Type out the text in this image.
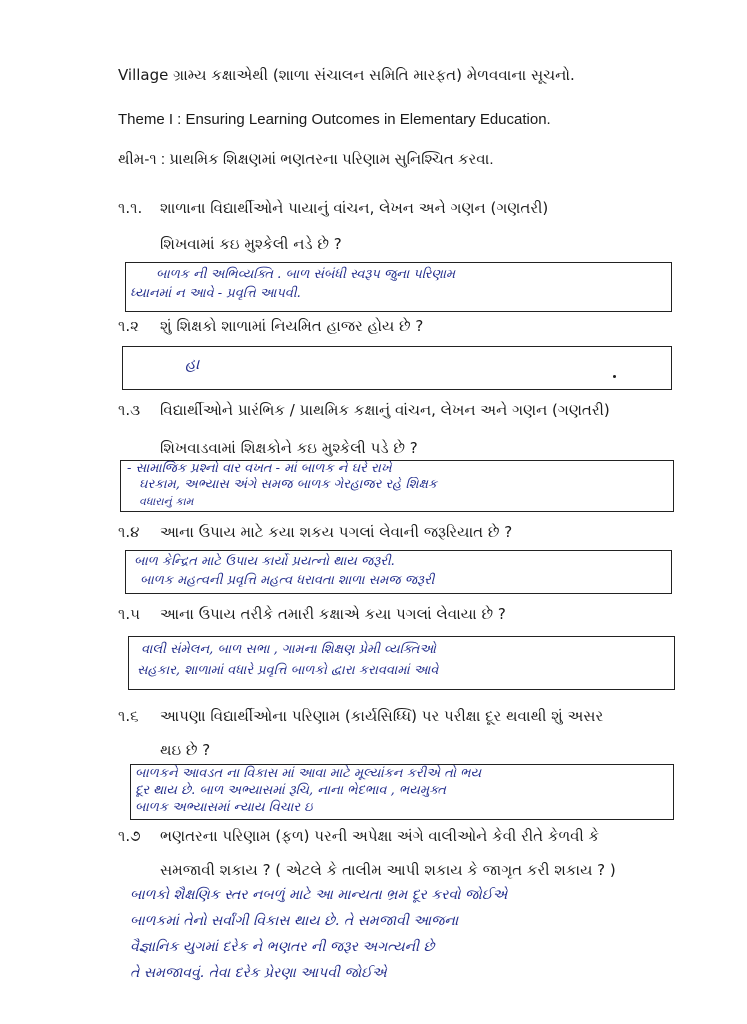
Village ગ્રામ્ય કક્ષાએથી (શાળા સંચાલન સમિતિ મારફત) મેળવવાના સૂચનો.
Theme I : Ensuring Learning Outcomes in Elementary Education.
થીમ-૧ : પ્રાથમિક શિક્ષણમાં ભણતરના પરિણામ સુનિશ્ચિત કરવા.
૧.૧. શાળાના વિદ્યાર્થીઓને પાયાનું વાંચન, લેખન અને ગણન (ગણતરી)
શિખવામાં કઇ મુશ્કેલી નડે છે ?
બાળક ની અભિવ્યક્તિ . બાળ સંબંધી સ્વરૂપ જુના પરિણામ
ધ્યાનમાં ન આવે - પ્રવૃત્તિ આપવી.
૧.૨ શું શિક્ષકો શાળામાં નિયમિત હાજર હોય છે ?
હા
૧.૩ વિદ્યાર્થીઓને પ્રારંભિક / પ્રાથમિક કક્ષાનું વાંચન, લેખન અને ગણન (ગણતરી)
શિખવાડવામાં શિક્ષકોને કઇ મુશ્કેલી પડે છે ?
- સામાજિક પ્રશ્નો વાર વખત - માં બાળક ને ઘરે રાખે
ઘરકામ, અભ્યાસ અંગે સમજ બાળક ગેરહાજર રહે શિક્ષક
વધારાનું કામ
૧.૪ આના ઉપાય માટે કયા શકય પગલાં લેવાની જરૂરિયાત છે ?
બાળ કેન્દ્રિત માટે ઉપાય કાર્યો પ્રયત્નો થાય જરૂરી.
બાળક મહત્વની પ્રવૃત્તિ મહત્વ ધરાવતા શાળા સમજ જરૂરી
૧.૫ આના ઉપાય તરીકે તમારી કક્ષાએ કયા પગલાં લેવાયા છે ?
વાલી સંમેલન, બાળ સભા , ગામના શિક્ષણ પ્રેમી વ્યક્તિઓ
સહકાર, શાળામાં વધારે પ્રવૃત્તિ બાળકો દ્વારા કરાવવામાં આવે
૧.૬ આપણા વિદ્યાર્થીઓના પરિણામ (કાર્યસિધ્ધિ) પર પરીક્ષા દૂર થવાથી શું અસર
થઇ છે ?
બાળકને આવડત ના વિકાસ માં આવા માટે મૂલ્યાંકન કરીએ તો ભય
દૂર થાય છે. બાળ અભ્યાસમાં રૂચિ, નાના ભેદભાવ , ભયમુક્ત
બાળક અભ્યાસમાં ન્યાય વિચાર ઇ
૧.૭ ભણતરના પરિણામ (ફળ) પરની અપેક્ષા અંગે વાલીઓને કેવી રીતે કેળવી કે
સમજાવી શકાય ? ( એટલે કે તાલીમ આપી શકાય કે જાગૃત કરી શકાય ? )
બાળકો શૈક્ષણિક સ્તર નબળું માટે આ માન્યતા ભ્રમ દૂર કરવો જોઈએ
બાળકમાં તેનો સર્વાંગી વિકાસ થાય છે. તે સમજાવી આજના
વૈજ્ઞાનિક યુગમાં દરેક ને ભણતર ની જરૂર અગત્યની છે
તે સમજાવવું. તેવા દરેક પ્રેરણા આપવી જોઈએ
